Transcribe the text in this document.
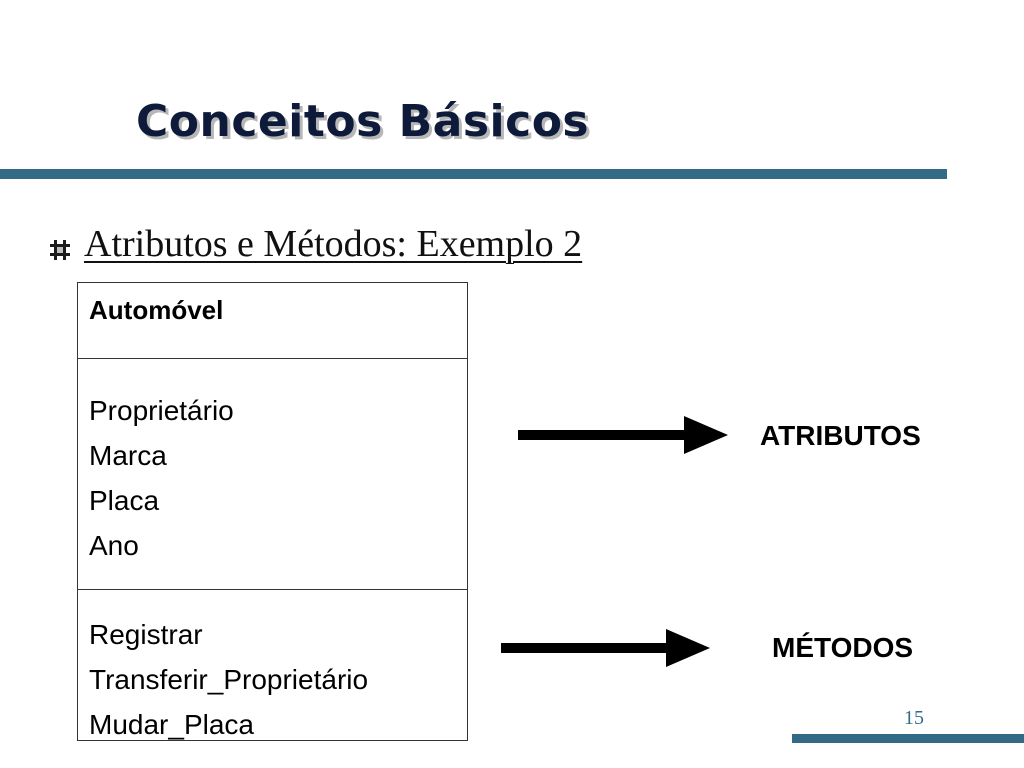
Conceitos Básicos
Atributos e Métodos: Exemplo 2
Automóvel
Proprietário
Marca
Placa
Ano
Registrar
Transferir_Proprietário
Mudar_Placa
ATRIBUTOS
MÉTODOS
15
